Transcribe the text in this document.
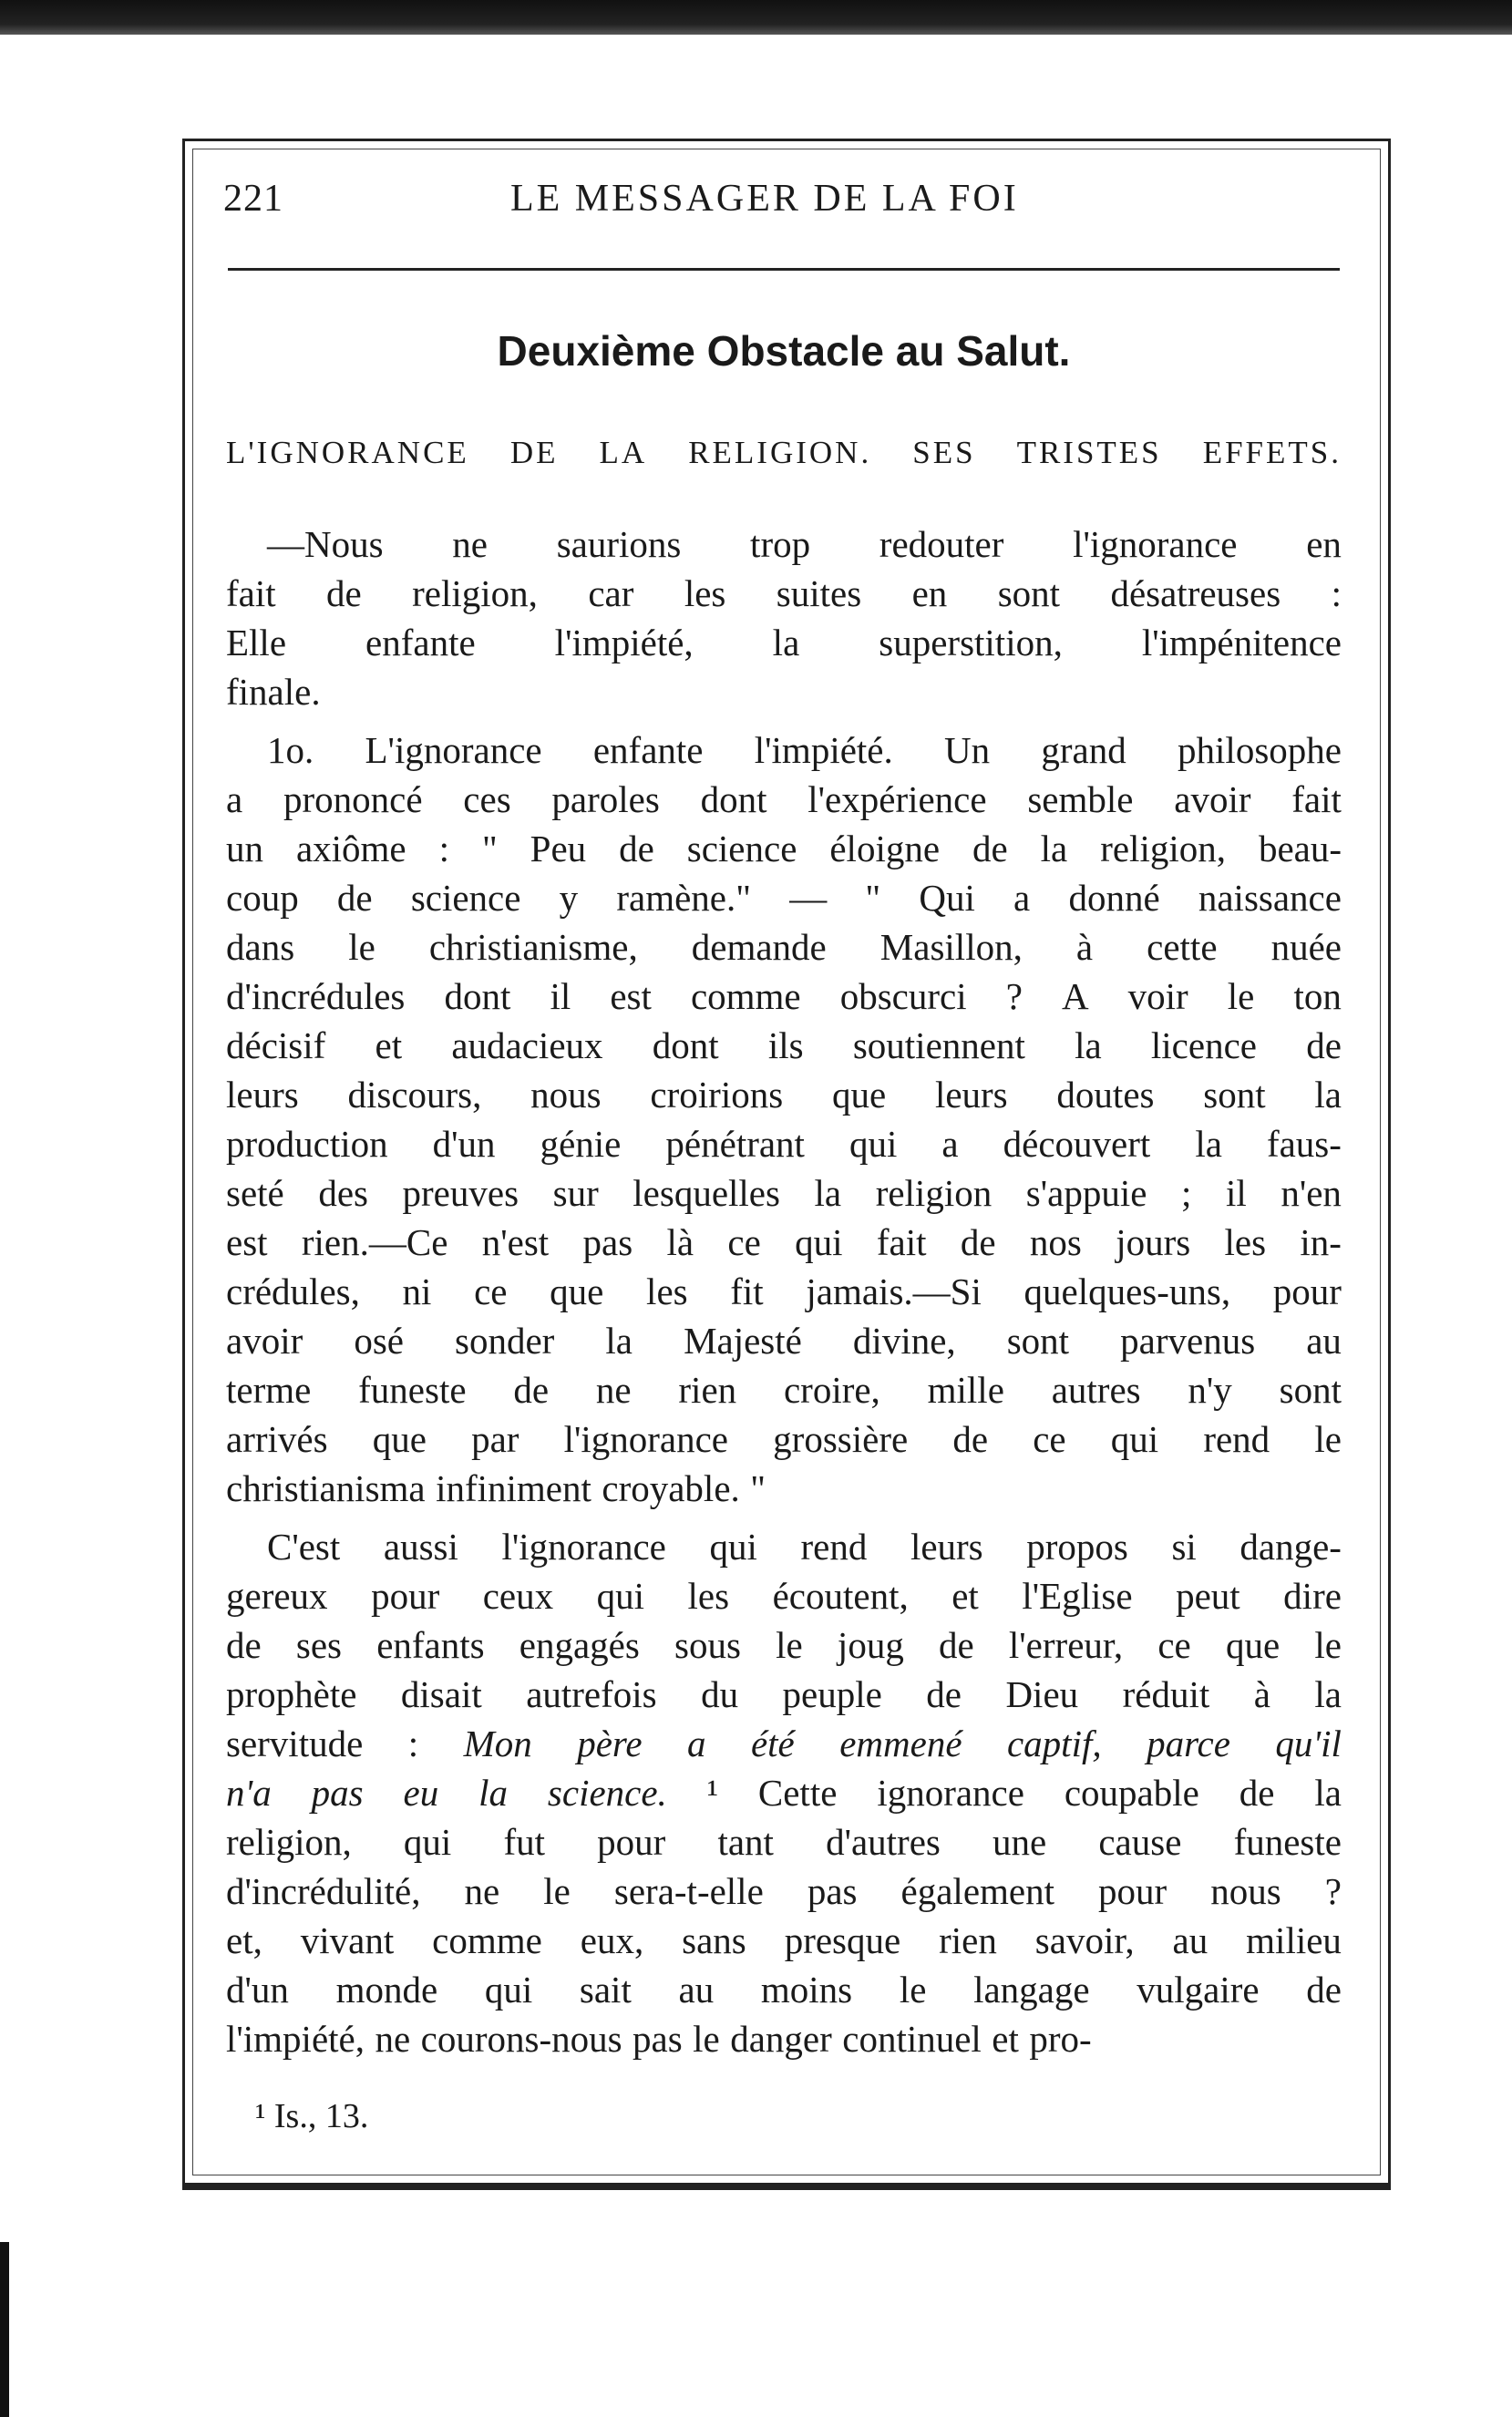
221	LE MESSAGER DE LA FOI
Deuxième Obstacle au Salut.
L'IGNORANCE DE LA RELIGION. SES TRISTES EFFETS.
—Nous ne saurions trop redouter l'ignorance en
fait de religion, car les suites en sont désatreuses :
Elle enfante l'impiété, la superstition, l'impénitence
finale.
1o. L'ignorance enfante l'impiété. Un grand philosophe
a prononcé ces paroles dont l'expérience semble avoir fait
un axiôme : " Peu de science éloigne de la religion, beau-
coup de science y ramène." — " Qui a donné naissance
dans le christianisme, demande Masillon, à cette nuée
d'incrédules dont il est comme obscurci ? A voir le ton
décisif et audacieux dont ils soutiennent la licence de
leurs discours, nous croirions que leurs doutes sont la
production d'un génie pénétrant qui a découvert la faus-
seté des preuves sur lesquelles la religion s'appuie ; il n'en
est rien.—Ce n'est pas là ce qui fait de nos jours les in-
crédules, ni ce que les fit jamais.—Si quelques-uns, pour
avoir osé sonder la Majesté divine, sont parvenus au
terme funeste de ne rien croire, mille autres n'y sont
arrivés que par l'ignorance grossière de ce qui rend le
christianisma infiniment croyable. "
C'est aussi l'ignorance qui rend leurs propos si dange-
gereux pour ceux qui les écoutent, et l'Eglise peut dire
de ses enfants engagés sous le joug de l'erreur, ce que le
prophète disait autrefois du peuple de Dieu réduit à la
servitude : Mon père a été emmené captif, parce qu'il
n'a pas eu la science. ¹ Cette ignorance coupable de la
religion, qui fut pour tant d'autres une cause funeste
d'incrédulité, ne le sera-t-elle pas également pour nous ?
et, vivant comme eux, sans presque rien savoir, au milieu
d'un monde qui sait au moins le langage vulgaire de
l'impiété, ne courons-nous pas le danger continuel et pro-
¹ Is., 13.
